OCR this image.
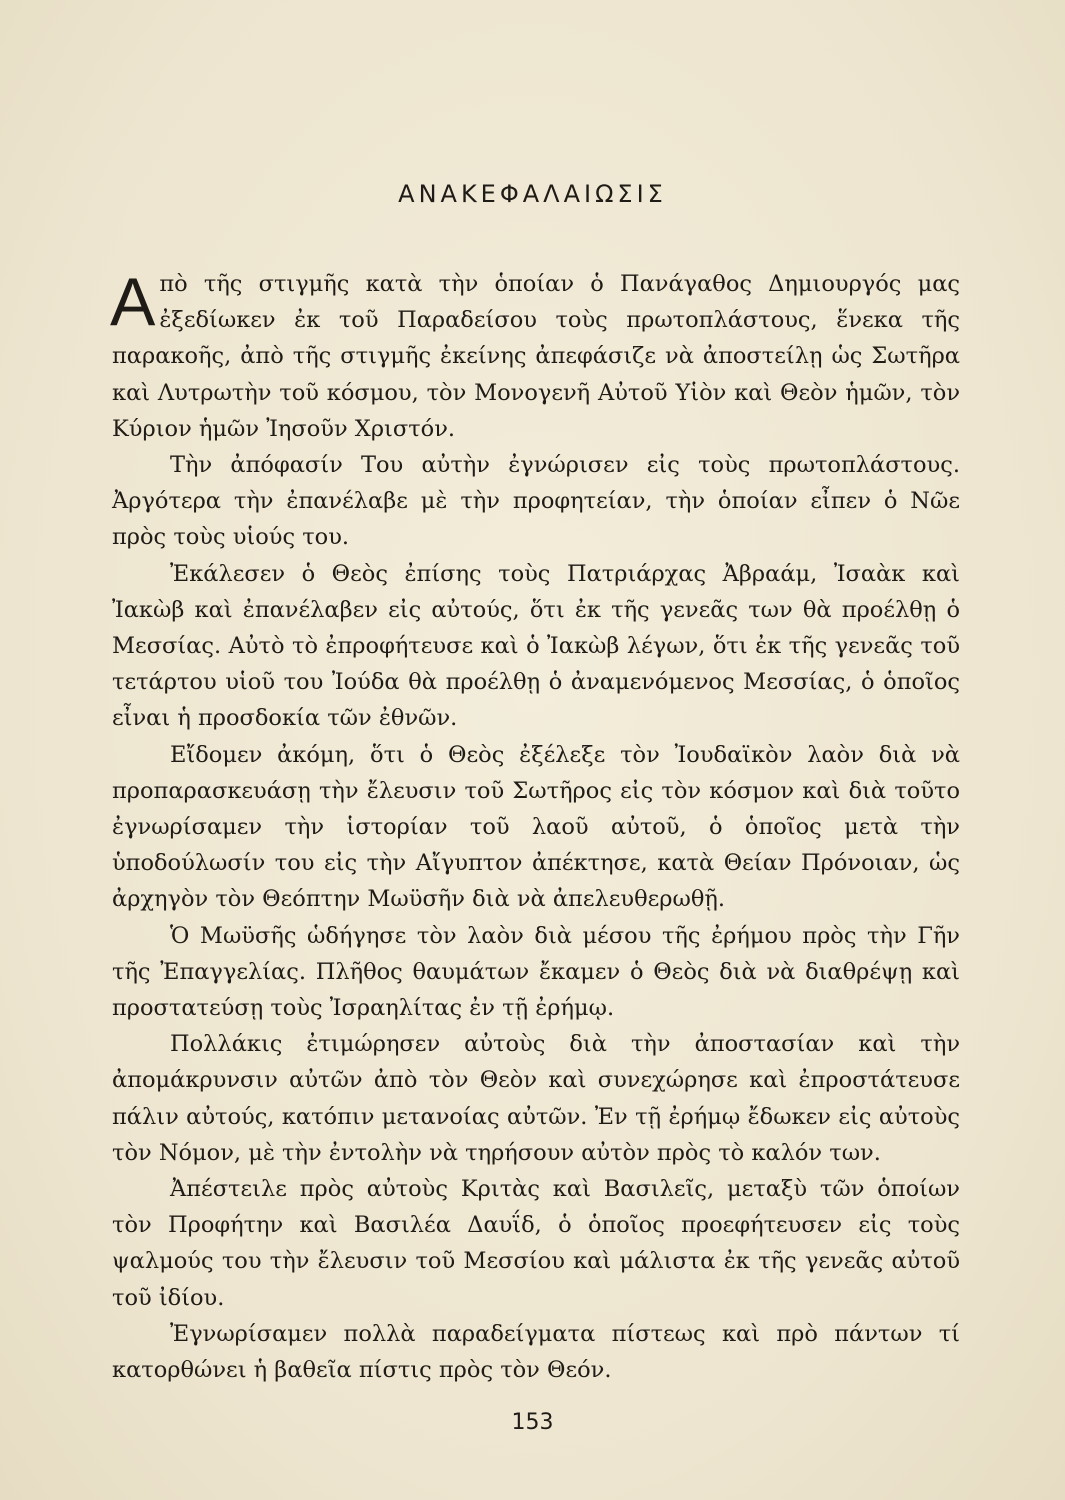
ΑΝΑΚΕΦΑΛΑΙΩΣΙΣ

Απὸ τῆς στιγμῆς κατὰ τὴν ὁποίαν ὁ Πανάγαθος Δημιουργός μας ἐξεδίωκεν ἐκ τοῦ Παραδείσου τοὺς πρωτοπλάστους, ἕνεκα τῆς παρακοῆς, ἀπὸ τῆς στιγμῆς ἐκείνης ἀπεφάσιζε νὰ ἀποστείλῃ ὡς Σωτῆρα καὶ Λυτρωτὴν τοῦ κόσμου, τὸν Μονογενῆ Αὐτοῦ Υἱὸν καὶ Θεὸν ἡμῶν, τὸν Κύριον ἡμῶν Ἰησοῦν Χριστόν.

Τὴν ἀπόφασίν Του αὐτὴν ἐγνώρισεν εἰς τοὺς πρωτοπλάστους. Ἀργότερα τὴν ἐπανέλαβε μὲ τὴν προφητείαν, τὴν ὁποίαν εἶπεν ὁ Νῶε πρὸς τοὺς υἱούς του.

Ἐκάλεσεν ὁ Θεὸς ἐπίσης τοὺς Πατριάρχας Ἀβραάμ, Ἰσαὰκ καὶ Ἰακὼβ καὶ ἐπανέλαβεν εἰς αὐτούς, ὅτι ἐκ τῆς γενεᾶς των θὰ προέλθῃ ὁ Μεσσίας. Αὐτὸ τὸ ἐπροφήτευσε καὶ ὁ Ἰακὼβ λέγων, ὅτι ἐκ τῆς γενεᾶς τοῦ τετάρτου υἱοῦ του Ἰούδα θὰ προέλθῃ ὁ ἀναμενόμενος Μεσσίας, ὁ ὁποῖος εἶναι ἡ προσδοκία τῶν ἐθνῶν.

Εἴδομεν ἀκόμη, ὅτι ὁ Θεὸς ἐξέλεξε τὸν Ἰουδαϊκὸν λαὸν διὰ νὰ προπαρασκευάσῃ τὴν ἔλευσιν τοῦ Σωτῆρος εἰς τὸν κόσμον καὶ διὰ τοῦτο ἐγνωρίσαμεν τὴν ἱστορίαν τοῦ λαοῦ αὐτοῦ, ὁ ὁποῖος μετὰ τὴν ὑποδούλωσίν του εἰς τὴν Αἴγυπτον ἀπέκτησε, κατὰ Θείαν Πρόνοιαν, ὡς ἀρχηγὸν τὸν Θεόπτην Μωϋσῆν διὰ νὰ ἀπελευθερωθῇ.

Ὁ Μωϋσῆς ὡδήγησε τὸν λαὸν διὰ μέσου τῆς ἐρήμου πρὸς τὴν Γῆν τῆς Ἐπαγγελίας. Πλῆθος θαυμάτων ἔκαμεν ὁ Θεὸς διὰ νὰ διαθρέψῃ καὶ προστατεύσῃ τοὺς Ἰσραηλίτας ἐν τῇ ἐρήμῳ.

Πολλάκις ἐτιμώρησεν αὐτοὺς διὰ τὴν ἀποστασίαν καὶ τὴν ἀπομάκρυνσιν αὐτῶν ἀπὸ τὸν Θεὸν καὶ συνεχώρησε καὶ ἐπροστάτευσε πάλιν αὐτούς, κατόπιν μετανοίας αὐτῶν. Ἐν τῇ ἐρήμῳ ἔδωκεν εἰς αὐτοὺς τὸν Νόμον, μὲ τὴν ἐντολὴν νὰ τηρήσουν αὐτὸν πρὸς τὸ καλόν των.

Ἀπέστειλε πρὸς αὐτοὺς Κριτὰς καὶ Βασιλεῖς, μεταξὺ τῶν ὁποίων τὸν Προφήτην καὶ Βασιλέα Δαυΐδ, ὁ ὁποῖος προεφήτευσεν εἰς τοὺς ψαλμούς του τὴν ἔλευσιν τοῦ Μεσσίου καὶ μάλιστα ἐκ τῆς γενεᾶς αὐτοῦ τοῦ ἰδίου.

Ἐγνωρίσαμεν πολλὰ παραδείγματα πίστεως καὶ πρὸ πάντων τί κατορθώνει ἡ βαθεῖα πίστις πρὸς τὸν Θεόν.

153
